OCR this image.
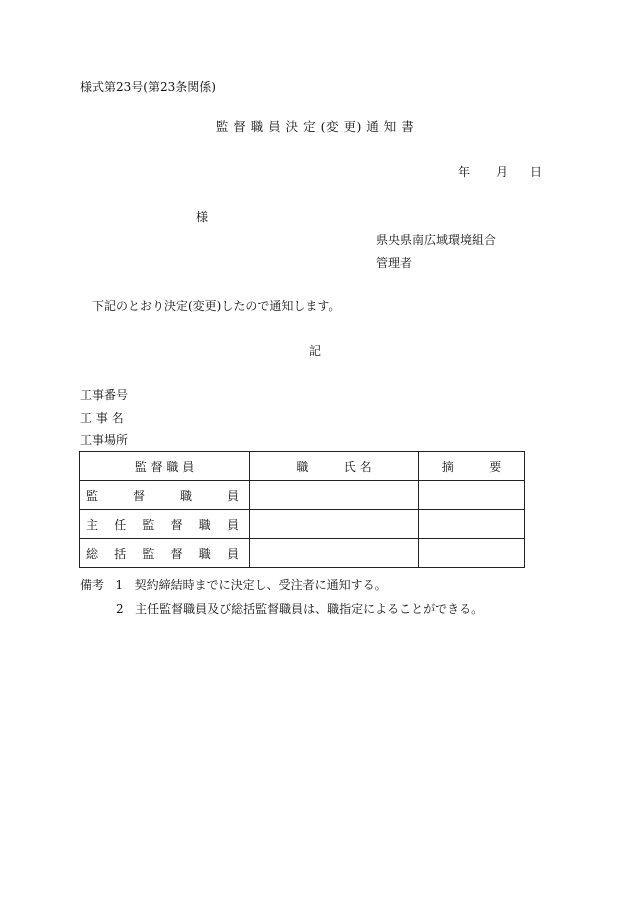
様式第23号(第23条関係)
監 督 職 員 決 定 (変 更) 通 知 書
年 月 日
様
県央県南広域環境組合
管理者
下記のとおり決定(変更)したので通知します。
記
工事番号
工 事 名
工事場所
監 督 職 員	職 　 　 氏 名	摘 　 　 要
監督職員		
主任監督職員		
総括監督職員		
備考 1 契約締結時までに決定し、受注者に通知する。
2 主任監督職員及び総括監督職員は、職指定によることができる。
